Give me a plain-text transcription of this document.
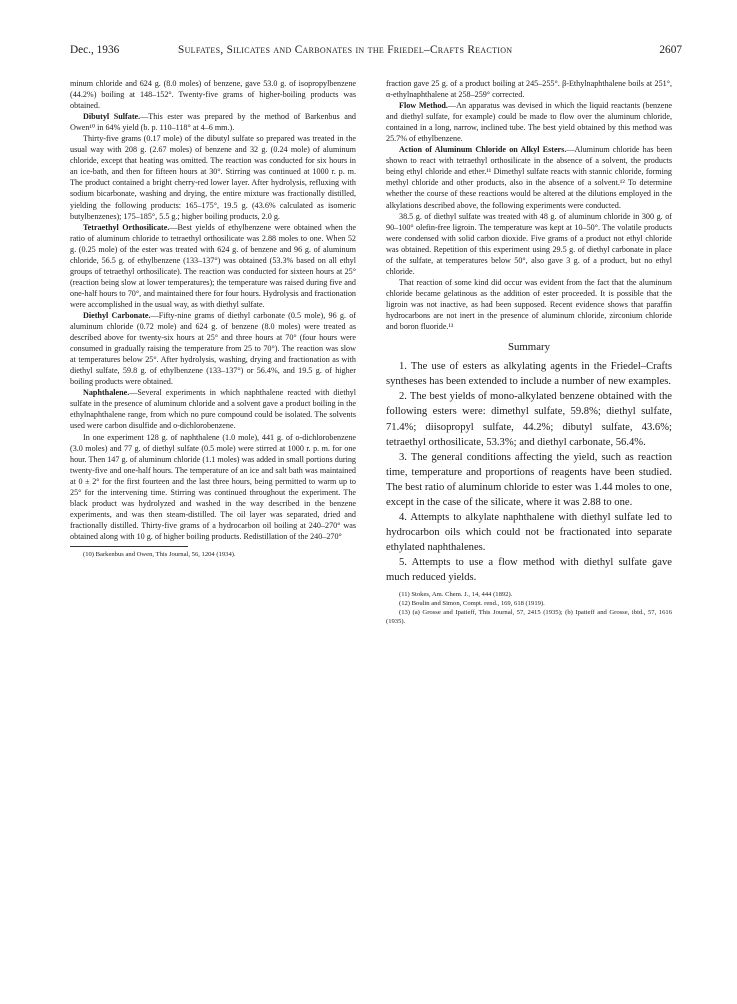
Dec., 1936	Sulfates, Silicates and Carbonates in the Friedel–Crafts Reaction	2607

minum chloride and 624 g. (8.0 moles) of benzene, gave 53.0 g. of isopropylbenzene (44.2%) boiling at 148–152°. Twenty-five grams of higher-boiling products was obtained.

Dibutyl Sulfate.—This ester was prepared by the method of Barkenbus and Owen¹⁰ in 64% yield (b. p. 110–118° at 4–6 mm.).

Thirty-five grams (0.17 mole) of the dibutyl sulfate so prepared was treated in the usual way with 208 g. (2.67 moles) of benzene and 32 g. (0.24 mole) of aluminum chloride, except that heating was omitted. The reaction was conducted for six hours in an ice-bath, and then for fifteen hours at 30°. Stirring was continued at 1000 r. p. m. The product contained a bright cherry-red lower layer. After hydrolysis, refluxing with sodium bicarbonate, washing and drying, the entire mixture was fractionally distilled, yielding the following products: 165–175°, 19.5 g. (43.6% calculated as isomeric butylbenzenes); 175–185°, 5.5 g.; higher boiling products, 2.0 g.

Tetraethyl Orthosilicate.—Best yields of ethylbenzene were obtained when the ratio of aluminum chloride to tetraethyl orthosilicate was 2.88 moles to one. When 52 g. (0.25 mole) of the ester was treated with 624 g. of benzene and 96 g. of aluminum chloride, 56.5 g. of ethylbenzene (133–137°) was obtained (53.3% based on all ethyl groups of tetraethyl orthosilicate). The reaction was conducted for sixteen hours at 25° (reaction being slow at lower temperatures); the temperature was raised during five and one-half hours to 70°, and maintained there for four hours. Hydrolysis and fractionation were accomplished in the usual way, as with diethyl sulfate.

Diethyl Carbonate.—Fifty-nine grams of diethyl carbonate (0.5 mole), 96 g. of aluminum chloride (0.72 mole) and 624 g. of benzene (8.0 moles) were treated as described above for twenty-six hours at 25° and three hours at 70° (four hours were consumed in gradually raising the temperature from 25 to 70°). The reaction was slow at temperatures below 25°. After hydrolysis, washing, drying and fractionation as with diethyl sulfate, 59.8 g. of ethylbenzene (133–137°) or 56.4%, and 19.5 g. of higher boiling products were obtained.

Naphthalene.—Several experiments in which naphthalene reacted with diethyl sulfate in the presence of aluminum chloride and a solvent gave a product boiling in the ethylnaphthalene range, from which no pure compound could be isolated. The solvents used were carbon disulfide and o-dichlorobenzene.

In one experiment 128 g. of naphthalene (1.0 mole), 441 g. of o-dichlorobenzene (3.0 moles) and 77 g. of diethyl sulfate (0.5 mole) were stirred at 1000 r. p. m. for one hour. Then 147 g. of aluminum chloride (1.1 moles) was added in small portions during twenty-five and one-half hours. The temperature of an ice and salt bath was maintained at 0 ± 2° for the first fourteen and the last three hours, being permitted to warm up to 25° for the intervening time. Stirring was continued throughout the experiment. The black product was hydrolyzed and washed in the way described in the benzene experiments, and was then steam-distilled. The oil layer was separated, dried and fractionally distilled. Thirty-five grams of a hydrocarbon oil boiling at 240–270° was obtained along with 10 g. of higher boiling products. Redistillation of the 240–270°

(10) Barkenbus and Owen, This Journal, 56, 1204 (1934).

fraction gave 25 g. of a product boiling at 245–255°. β-Ethylnaphthalene boils at 251°, α-ethylnaphthalene at 258–259° corrected.

Flow Method.—An apparatus was devised in which the liquid reactants (benzene and diethyl sulfate, for example) could be made to flow over the aluminum chloride, contained in a long, narrow, inclined tube. The best yield obtained by this method was 25.7% of ethylbenzene.

Action of Aluminum Chloride on Alkyl Esters.—Aluminum chloride has been shown to react with tetraethyl orthosilicate in the absence of a solvent, the products being ethyl chloride and ether.¹¹ Dimethyl sulfate reacts with stannic chloride, forming methyl chloride and other products, also in the absence of a solvent.¹² To determine whether the course of these reactions would be altered at the dilutions employed in the alkylations described above, the following experiments were conducted.

38.5 g. of diethyl sulfate was treated with 48 g. of aluminum chloride in 300 g. of 90–100° olefin-free ligroin. The temperature was kept at 10–50°. The volatile products were condensed with solid carbon dioxide. Five grams of a product not ethyl chloride was obtained. Repetition of this experiment using 29.5 g. of diethyl carbonate in place of the sulfate, at temperatures below 50°, also gave 3 g. of a product, but no ethyl chloride.

That reaction of some kind did occur was evident from the fact that the aluminum chloride became gelatinous as the addition of ester proceeded. It is possible that the ligroin was not inactive, as had been supposed. Recent evidence shows that paraffin hydrocarbons are not inert in the presence of aluminum chloride, zirconium chloride and boron fluoride.¹³

Summary

1. The use of esters as alkylating agents in the Friedel–Crafts syntheses has been extended to include a number of new examples.

2. The best yields of mono-alkylated benzene obtained with the following esters were: dimethyl sulfate, 59.8%; diethyl sulfate, 71.4%; diisopropyl sulfate, 44.2%; dibutyl sulfate, 43.6%; tetraethyl orthosilicate, 53.3%; and diethyl carbonate, 56.4%.

3. The general conditions affecting the yield, such as reaction time, temperature and proportions of reagents have been studied. The best ratio of aluminum chloride to ester was 1.44 moles to one, except in the case of the silicate, where it was 2.88 to one.

4. Attempts to alkylate naphthalene with diethyl sulfate led to hydrocarbon oils which could not be fractionated into separate ethylated naphthalenes.

5. Attempts to use a flow method with diethyl sulfate gave much reduced yields.

(11) Stokes, Am. Chem. J., 14, 444 (1892).

(12) Boulin and Simon, Compt. rend., 169, 618 (1919).

(13) (a) Grosse and Ipatieff, This Journal, 57, 2415 (1935); (b) Ipatieff and Grosse, ibid., 57, 1616 (1935).
